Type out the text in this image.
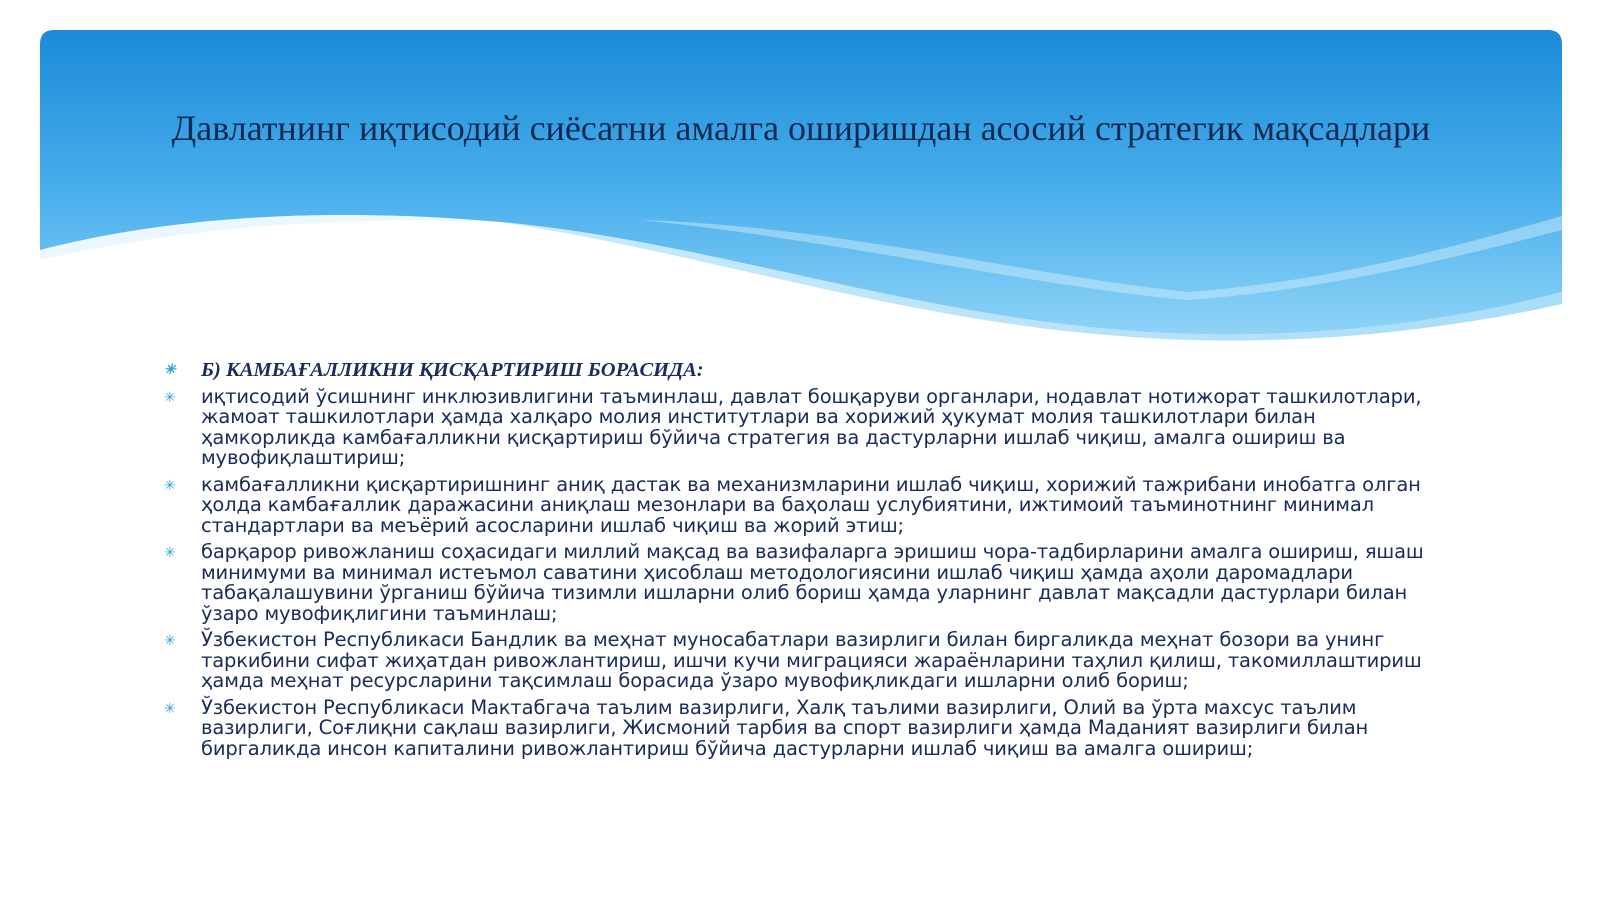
Давлатнинг иқтисодий сиёсатни амалга оширишдан асосий стратегик мақсадлари
✳ Б) КАМБАҒАЛЛИКНИ ҚИСҚАРТИРИШ БОРАСИДА:
✳ иқтисодий ўсишнинг инклюзивлигини таъминлаш, давлат бошқаруви органлари, нодавлат нотижорат ташкилотлари, жамоат ташкилотлари ҳамда халқаро молия институтлари ва хорижий ҳукумат молия ташкилотлари билан ҳамкорликда камбағалликни қисқартириш бўйича стратегия ва дастурларни ишлаб чиқиш, амалга ошириш ва мувофиқлаштириш;
✳ камбағалликни қисқартиришнинг аниқ дастак ва механизмларини ишлаб чиқиш, хорижий тажрибани инобатга олган ҳолда камбағаллик даражасини аниқлаш мезонлари ва баҳолаш услубиятини, ижтимоий таъминотнинг минимал стандартлари ва меъёрий асосларини ишлаб чиқиш ва жорий этиш;
✳ барқарор ривожланиш соҳасидаги миллий мақсад ва вазифаларга эришиш чора-тадбирларини амалга ошириш, яшаш минимуми ва минимал истеъмол саватини ҳисоблаш методологиясини ишлаб чиқиш ҳамда аҳоли даромадлари табақалашувини ўрганиш бўйича тизимли ишларни олиб бориш ҳамда уларнинг давлат мақсадли дастурлари билан ўзаро мувофиқлигини таъминлаш;
✳ Ўзбекистон Республикаси Бандлик ва меҳнат муносабатлари вазирлиги билан биргаликда меҳнат бозори ва унинг таркибини сифат жиҳатдан ривожлантириш, ишчи кучи миграцияси жараёнларини таҳлил қилиш, такомиллаштириш ҳамда меҳнат ресурсларини тақсимлаш борасида ўзаро мувофиқликдаги ишларни олиб бориш;
✳ Ўзбекистон Республикаси Мактабгача таълим вазирлиги, Халқ таълими вазирлиги, Олий ва ўрта махсус таълим вазирлиги, Соғлиқни сақлаш вазирлиги, Жисмоний тарбия ва спорт вазирлиги ҳамда Маданият вазирлиги билан биргаликда инсон капиталини ривожлантириш бўйича дастурларни ишлаб чиқиш ва амалга ошириш;
